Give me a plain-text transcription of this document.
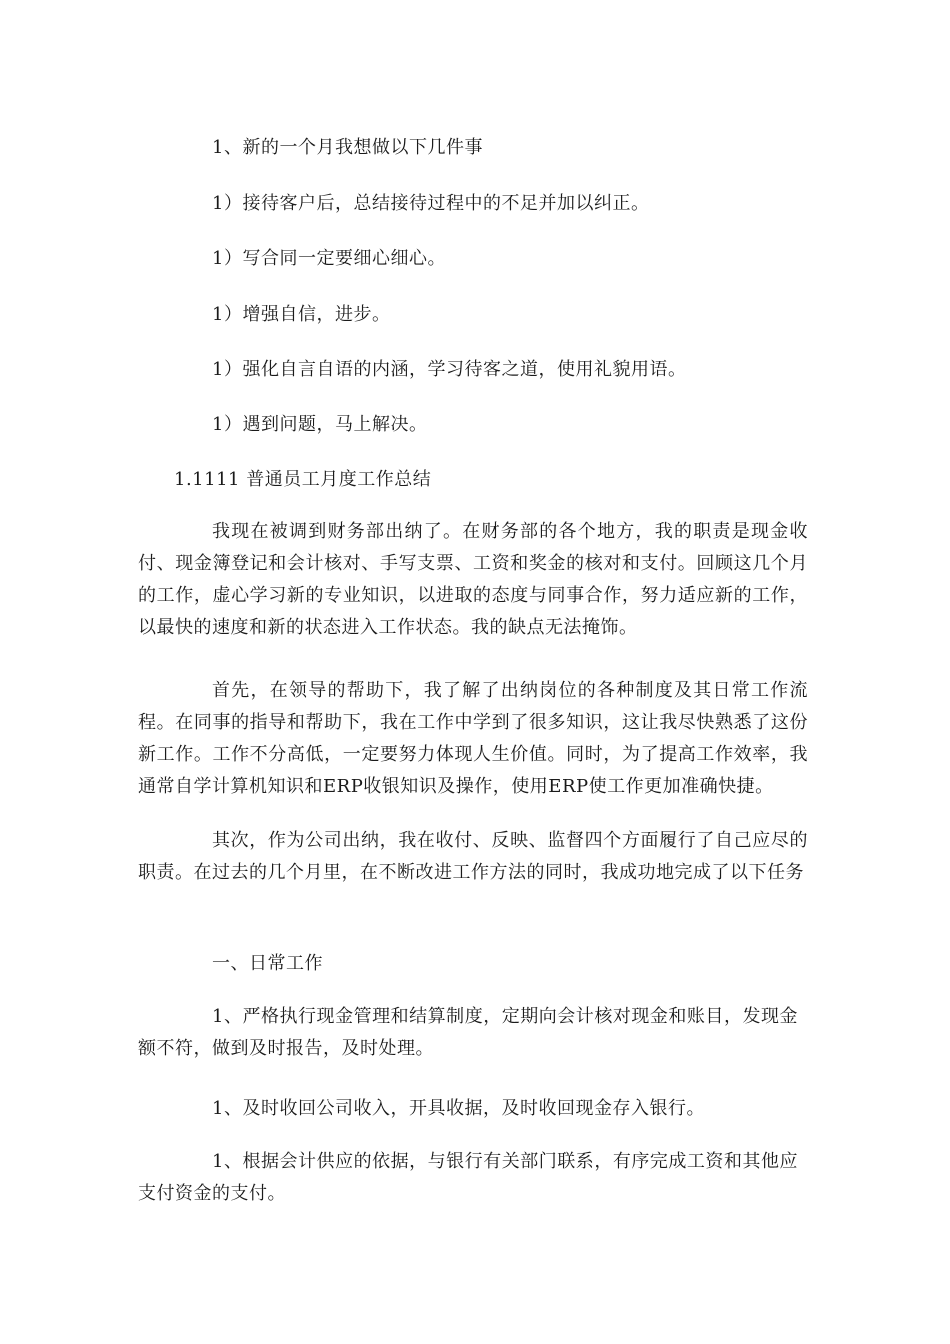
1、新的一个月我想做以下几件事
1）接待客户后，总结接待过程中的不足并加以纠正。
1）写合同一定要细心细心。
1）增强自信，进步。
1）强化自言自语的内涵，学习待客之道，使用礼貌用语。
1）遇到问题，马上解决。
1.1111 普通员工月度工作总结
我现在被调到财务部出纳了。在财务部的各个地方，我的职责是现金收付、现金簿登记和会计核对、手写支票、工资和奖金的核对和支付。回顾这几个月的工作，虚心学习新的专业知识，以进取的态度与同事合作，努力适应新的工作，以最快的速度和新的状态进入工作状态。我的缺点无法掩饰。
首先，在领导的帮助下，我了解了出纳岗位的各种制度及其日常工作流程。在同事的指导和帮助下，我在工作中学到了很多知识，这让我尽快熟悉了这份新工作。工作不分高低，一定要努力体现人生价值。同时，为了提高工作效率，我通常自学计算机知识和ERP收银知识及操作，使用ERP使工作更加准确快捷。
其次，作为公司出纳，我在收付、反映、监督四个方面履行了自己应尽的职责。在过去的几个月里，在不断改进工作方法的同时，我成功地完成了以下任务
一、日常工作
1、严格执行现金管理和结算制度，定期向会计核对现金和账目，发现金额不符，做到及时报告，及时处理。
1、及时收回公司收入，开具收据，及时收回现金存入银行。
1、根据会计供应的依据，与银行有关部门联系，有序完成工资和其他应支付资金的支付。
